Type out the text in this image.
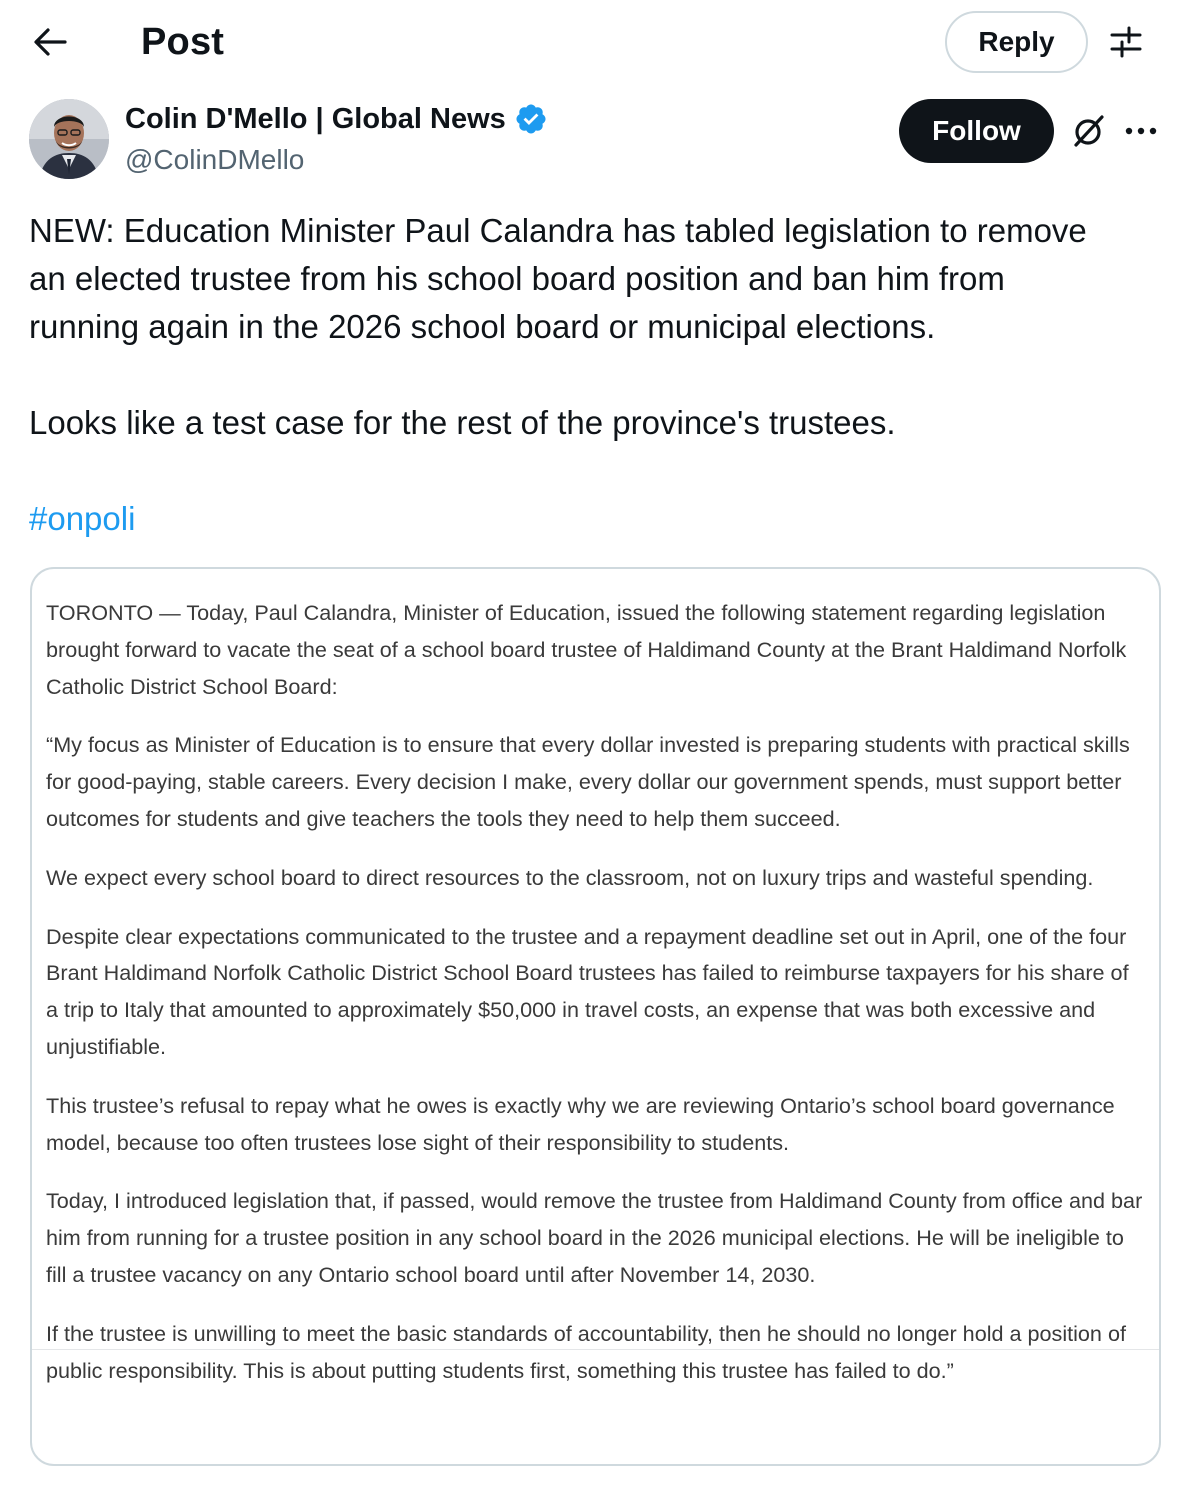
Post	Reply
Colin D'Mello | Global News
@ColinDMello
Follow

NEW: Education Minister Paul Calandra has tabled legislation to remove

an elected trustee from his school board position and ban him from

running again in the 2026 school board or municipal elections.

Looks like a test case for the rest of the province's trustees.

#onpoli

TORONTO — Today, Paul Calandra, Minister of Education, issued the following statement regarding legislation brought forward to vacate the seat of a school board trustee of Haldimand County at the Brant Haldimand Norfolk Catholic District School Board:

“My focus as Minister of Education is to ensure that every dollar invested is preparing students with practical skills for good-paying, stable careers. Every decision I make, every dollar our government spends, must support better outcomes for students and give teachers the tools they need to help them succeed.

We expect every school board to direct resources to the classroom, not on luxury trips and wasteful spending.

Despite clear expectations communicated to the trustee and a repayment deadline set out in April, one of the four Brant Haldimand Norfolk Catholic District School Board trustees has failed to reimburse taxpayers for his share of a trip to Italy that amounted to approximately $50,000 in travel costs, an expense that was both excessive and unjustifiable.

This trustee’s refusal to repay what he owes is exactly why we are reviewing Ontario’s school board governance model, because too often trustees lose sight of their responsibility to students.

Today, I introduced legislation that, if passed, would remove the trustee from Haldimand County from office and bar him from running for a trustee position in any school board in the 2026 municipal elections. He will be ineligible to fill a trustee vacancy on any Ontario school board until after November 14, 2030.

If the trustee is unwilling to meet the basic standards of accountability, then he should no longer hold a position of public responsibility. This is about putting students first, something this trustee has failed to do.”
